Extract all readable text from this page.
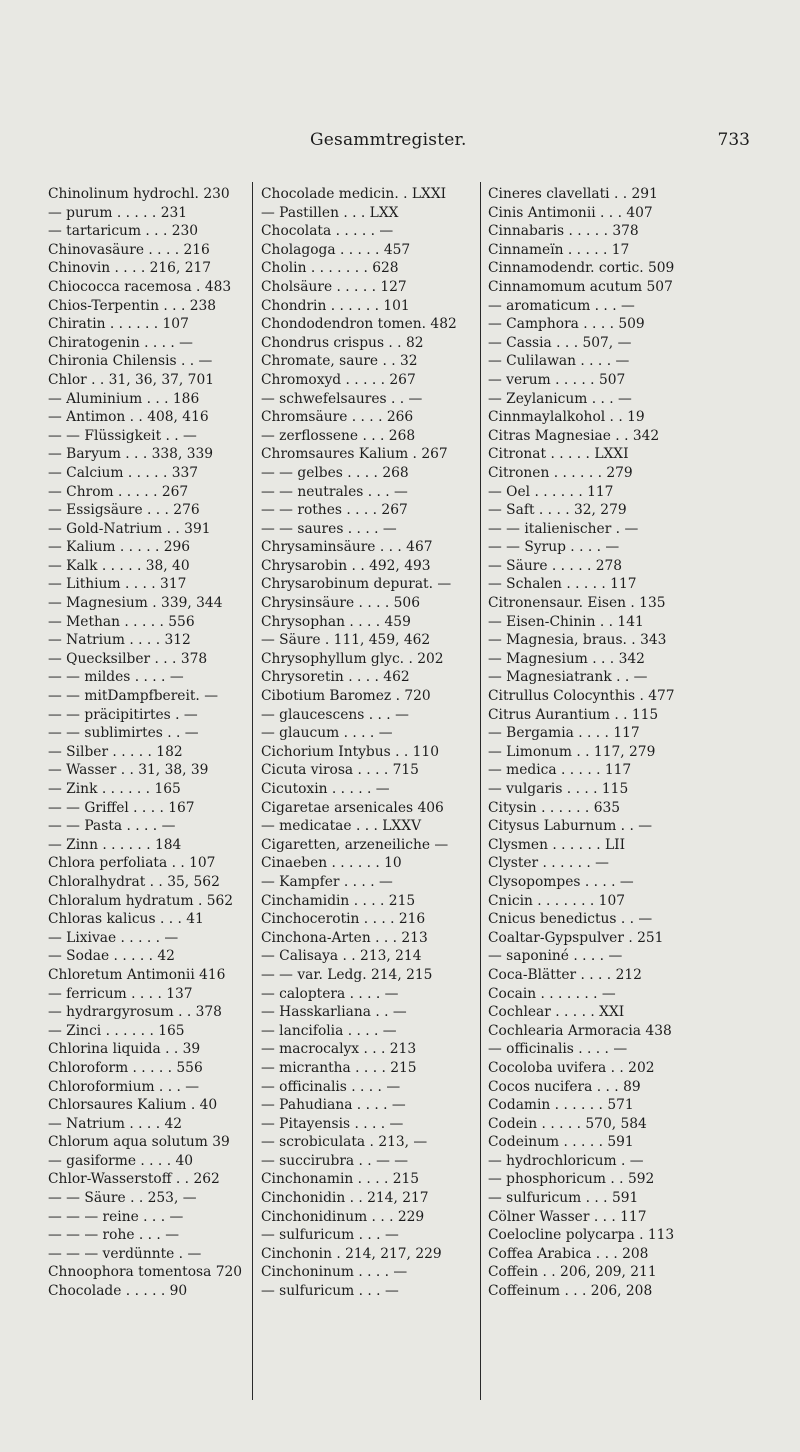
Gesammtregister.	733
Chinolinum hydrochl. 230
— purum . . . . . 231
— tartaricum . . . 230
Chinovasäure . . . . 216
Chinovin . . . . 216, 217
Chiococca racemosa . 483
Chios-Terpentin . . . 238
Chiratin . . . . . . 107
Chiratogenin . . . . —
Chironia Chilensis . . —
Chlor . . 31, 36, 37, 701
— Aluminium . . . 186
— Antimon . . 408, 416
— — Flüssigkeit . . —
— Baryum . . . 338, 339
— Calcium . . . . . 337
— Chrom . . . . . 267
— Essigsäure . . . 276
— Gold-Natrium . . 391
— Kalium . . . . . 296
— Kalk . . . . . 38, 40
— Lithium . . . . 317
— Magnesium . 339, 344
— Methan . . . . . 556
— Natrium . . . . 312
— Quecksilber . . . 378
— — mildes . . . . —
— — mitDampfbereit. —
— — präcipitirtes . —
— — sublimirtes . . —
— Silber . . . . . 182
— Wasser . . 31, 38, 39
— Zink . . . . . . 165
— — Griffel . . . . 167
— — Pasta . . . . —
— Zinn . . . . . . 184
Chlora perfoliata . . 107
Chloralhydrat . . 35, 562
Chloralum hydratum . 562
Chloras kalicus . . . 41
— Lixivae . . . . . —
— Sodae . . . . . 42
Chloretum Antimonii 416
— ferricum . . . . 137
— hydrargyrosum . . 378
— Zinci . . . . . . 165
Chlorina liquida . . 39
Chloroform . . . . . 556
Chloroformium . . . —
Chlorsaures Kalium . 40
— Natrium . . . . 42
Chlorum aqua solutum 39
— gasiforme . . . . 40
Chlor-Wasserstoff . . 262
— — Säure . . 253, —
— — — reine . . . —
— — — rohe . . . —
— — — verdünnte . —
Chnoophora tomentosa 720
Chocolade . . . . . 90
Chocolade medicin. . LXXI
— Pastillen . . . LXX
Chocolata . . . . . —
Cholagoga . . . . . 457
Cholin . . . . . . . 628
Cholsäure . . . . . 127
Chondrin . . . . . . 101
Chondodendron tomen. 482
Chondrus crispus . . 82
Chromate, saure . . 32
Chromoxyd . . . . . 267
— schwefelsaures . . —
Chromsäure . . . . 266
— zerflossene . . . 268
Chromsaures Kalium . 267
— — gelbes . . . . 268
— — neutrales . . . —
— — rothes . . . . 267
— — saures . . . . —
Chrysaminsäure . . . 467
Chrysarobin . . 492, 493
Chrysarobinum depurat. —
Chrysinsäure . . . . 506
Chrysophan . . . . 459
— Säure . 111, 459, 462
Chrysophyllum glyc. . 202
Chrysoretin . . . . 462
Cibotium Baromez . 720
— glaucescens . . . —
— glaucum . . . . —
Cichorium Intybus . . 110
Cicuta virosa . . . . 715
Cicutoxin . . . . . —
Cigaretae arsenicales 406
— medicatae . . . LXXV
Cigaretten, arzeneiliche —
Cinaeben . . . . . . 10
— Kampfer . . . . —
Cinchamidin . . . . 215
Cinchocerotin . . . . 216
Cinchona-Arten . . . 213
— Calisaya . . 213, 214
— — var. Ledg. 214, 215
— caloptera . . . . —
— Hasskarliana . . —
— lancifolia . . . . —
— macrocalyx . . . 213
— micrantha . . . . 215
— officinalis . . . . —
— Pahudiana . . . . —
— Pitayensis . . . . —
— scrobiculata . 213, —
— succirubra . . — —
Cinchonamin . . . . 215
Cinchonidin . . 214, 217
Cinchonidinum . . . 229
— sulfuricum . . . —
Cinchonin . 214, 217, 229
Cinchoninum . . . . —
— sulfuricum . . . —
Cineres clavellati . . 291
Cinis Antimonii . . . 407
Cinnabaris . . . . . 378
Cinnameïn . . . . . 17
Cinnamodendr. cortic. 509
Cinnamomum acutum 507
— aromaticum . . . —
— Camphora . . . . 509
— Cassia . . . 507, —
— Culilawan . . . . —
— verum . . . . . 507
— Zeylanicum . . . —
Cinnmaylalkohol . . 19
Citras Magnesiae . . 342
Citronat . . . . . LXXI
Citronen . . . . . . 279
— Oel . . . . . . 117
— Saft . . . . 32, 279
— — italienischer . —
— — Syrup . . . . —
— Säure . . . . . 278
— Schalen . . . . . 117
Citronensaur. Eisen . 135
— Eisen-Chinin . . 141
— Magnesia, braus. . 343
— Magnesium . . . 342
— Magnesiatrank . . —
Citrullus Colocynthis . 477
Citrus Aurantium . . 115
— Bergamia . . . . 117
— Limonum . . 117, 279
— medica . . . . . 117
— vulgaris . . . . 115
Citysin . . . . . . 635
Citysus Laburnum . . —
Clysmen . . . . . . LII
Clyster . . . . . . —
Clysopompes . . . . —
Cnicin . . . . . . . 107
Cnicus benedictus . . —
Coaltar-Gypspulver . 251
— saponiné . . . . —
Coca-Blätter . . . . 212
Cocain . . . . . . . —
Cochlear . . . . . XXI
Cochlearia Armoracia 438
— officinalis . . . . —
Cocoloba uvifera . . 202
Cocos nucifera . . . 89
Codamin . . . . . . 571
Codein . . . . . 570, 584
Codeinum . . . . . 591
— hydrochloricum . —
— phosphoricum . . 592
— sulfuricum . . . 591
Cölner Wasser . . . 117
Coelocline polycarpa . 113
Coffea Arabica . . . 208
Coffein . . 206, 209, 211
Coffeinum . . . 206, 208
